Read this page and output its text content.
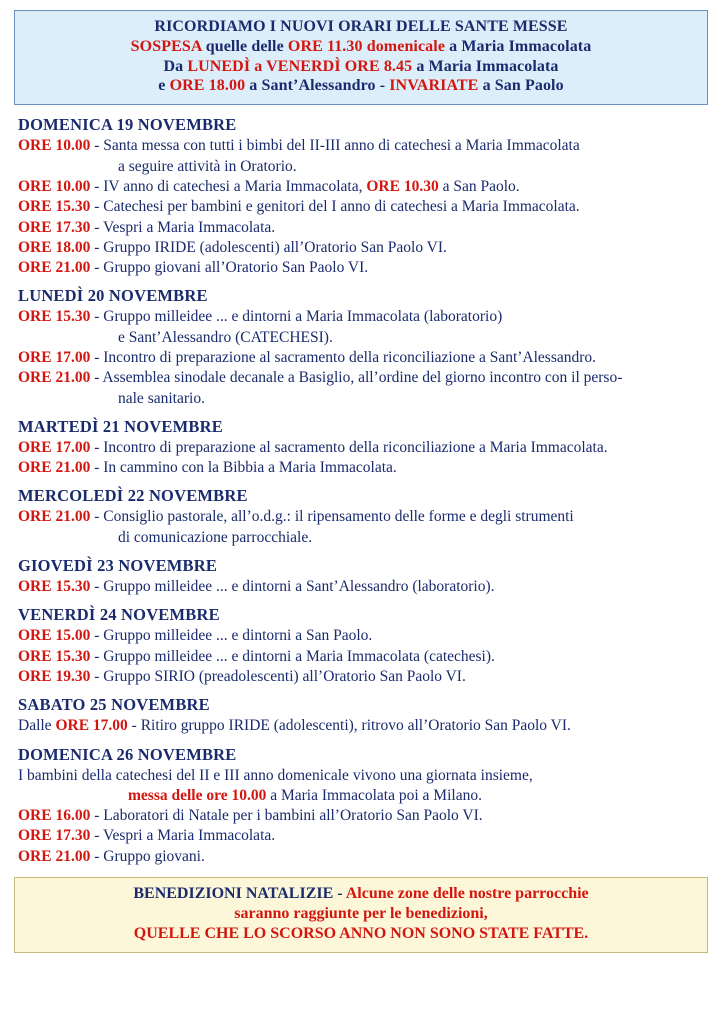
RICORDIAMO I NUOVI ORARI DELLE SANTE MESSE
SOSPESA quelle delle ORE 11.30 domenicale a Maria Immacolata
Da LUNEDÌ a VENERDÌ ORE 8.45 a Maria Immacolata
e ORE 18.00 a Sant’Alessandro - INVARIATE a San Paolo
DOMENICA 19 NOVEMBRE
ORE 10.00 - Santa messa con tutti i bimbi del II-III anno di catechesi a Maria Immacolata
a seguire attività in Oratorio.
ORE 10.00 - IV anno di catechesi a Maria Immacolata, ORE 10.30 a San Paolo.
ORE 15.30 - Catechesi per bambini e genitori del I anno di catechesi a Maria Immacolata.
ORE 17.30 - Vespri a Maria Immacolata.
ORE 18.00 - Gruppo IRIDE (adolescenti) all’Oratorio San Paolo VI.
ORE 21.00 - Gruppo giovani all’Oratorio San Paolo VI.
LUNEDÌ 20 NOVEMBRE
ORE 15.30 - Gruppo milleidee ... e dintorni a Maria Immacolata (laboratorio)
e Sant’Alessandro (CATECHESI).
ORE 17.00 - Incontro di preparazione al sacramento della riconciliazione a Sant’Alessandro.
ORE 21.00 - Assemblea sinodale decanale a Basiglio, all’ordine del giorno incontro con il perso-
nale sanitario.
MARTEDÌ 21 NOVEMBRE
ORE 17.00 - Incontro di preparazione al sacramento della riconciliazione a Maria Immacolata.
ORE 21.00 - In cammino con la Bibbia a Maria Immacolata.
MERCOLEDÌ 22 NOVEMBRE
ORE 21.00 - Consiglio pastorale, all’o.d.g.: il ripensamento delle forme e degli strumenti
di comunicazione parrocchiale.
GIOVEDÌ 23 NOVEMBRE
ORE 15.30 - Gruppo milleidee ... e dintorni a Sant’Alessandro (laboratorio).
VENERDÌ 24 NOVEMBRE
ORE 15.00 - Gruppo milleidee ... e dintorni a San Paolo.
ORE 15.30 - Gruppo milleidee ... e dintorni a Maria Immacolata (catechesi).
ORE 19.30 - Gruppo SIRIO (preadolescenti) all’Oratorio San Paolo VI.
SABATO 25 NOVEMBRE
Dalle ORE 17.00 - Ritiro gruppo IRIDE (adolescenti), ritrovo all’Oratorio San Paolo VI.
DOMENICA 26 NOVEMBRE
I bambini della catechesi del II e III anno domenicale vivono una giornata insieme,
messa delle ore 10.00 a Maria Immacolata poi a Milano.
ORE 16.00 - Laboratori di Natale per i bambini all’Oratorio San Paolo VI.
ORE 17.30 - Vespri a Maria Immacolata.
ORE 21.00 - Gruppo giovani.
BENEDIZIONI NATALIZIE - Alcune zone delle nostre parrocchie
saranno raggiunte per le benedizioni,
QUELLE CHE LO SCORSO ANNO NON SONO STATE FATTE.
